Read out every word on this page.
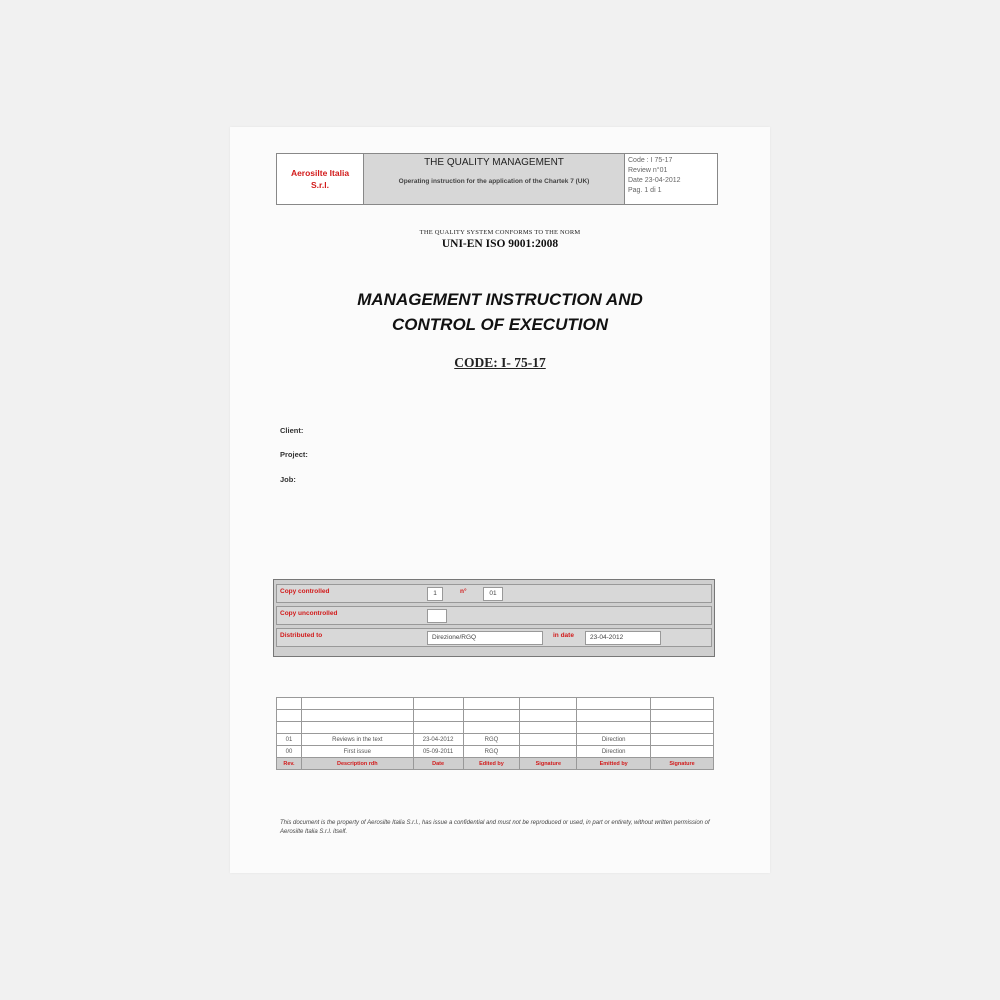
Aerosilte Italia
S.r.l.
THE QUALITY MANAGEMENT
Operating instruction for the application of the Chartek 7 (UK)
Code : I 75-17
Review n°01
Date 23-04-2012
Pag. 1 di 1
THE QUALITY SYSTEM CONFORMS TO THE NORM
UNI-EN ISO 9001:2008
MANAGEMENT INSTRUCTION AND
CONTROL OF EXECUTION
CODE: I- 75-17
Client:
Project:
Job:
Copy controlled	1	n°	01
Copy uncontrolled
Distributed to	Direzione/RGQ	in date	23-04-2012

01	Reviews in the text	23-04-2012	RGQ		Direction	
00	First issue	05-09-2011	RGQ		Direction	
Rev.	Description rdh	Date	Edited by	Signature	Emitted by	Signature
This document is the property of Aerosilte Italia S.r.l., has issue a confidential and must not be reproduced or used, in part or entirety, without written permission of Aerosilte Italia S.r.l. itself.
